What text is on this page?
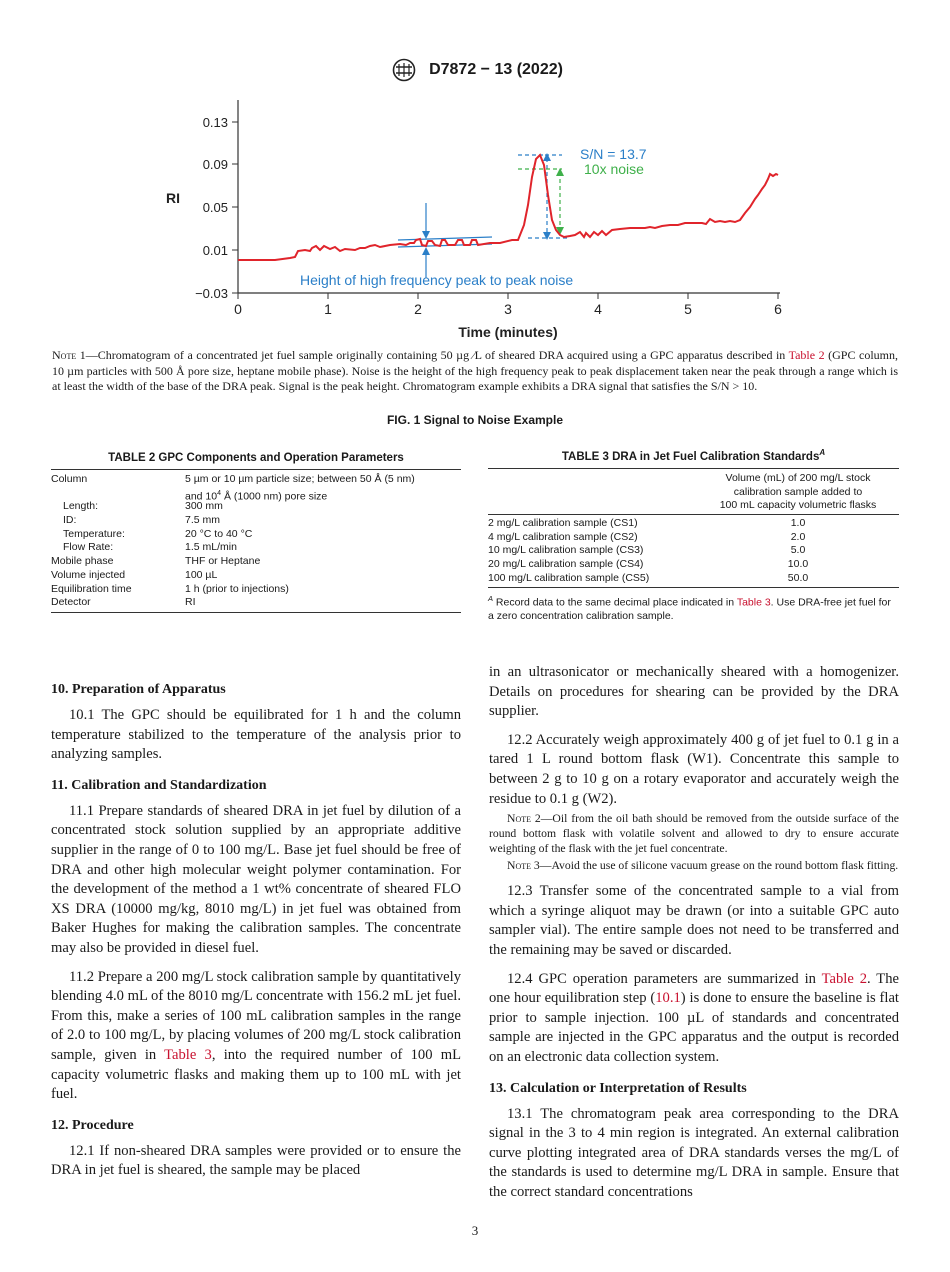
D7872 − 13 (2022)
0.13
0.09
0.05
0.01
−0.03
0	1	2	3	4	5	6
RI
Time (minutes)
S/N = 13.7
10x noise
Height of high frequency peak to peak noise
Note 1—Chromatogram of a concentrated jet fuel sample originally containing 50 µg ⁄L of sheared DRA acquired using a GPC apparatus described in Table 2 (GPC column, 10 µm particles with 500 Å pore size, heptane mobile phase). Noise is the height of the high frequency peak to peak displacement taken near the peak through a range which is at least the width of the base of the DRA peak. Signal is the peak height. Chromatogram example exhibits a DRA signal that satisfies the S/N > 10.
FIG. 1 Signal to Noise Example
TABLE 2 GPC Components and Operation Parameters
Column	5 µm or 10 µm particle size; between 50 Å (5 nm)
and $10^4$ Å (1000 nm) pore size
Length:	300 mm
ID:	7.5 mm
Temperature:	20 °C to 40 °C
Flow Rate:	1.5 mL/min
Mobile phase	THF or Heptane
Volume injected	100 µL
Equilibration time	1 h (prior to injections)
Detector	RI
TABLE 3 DRA in Jet Fuel Calibration Standards$^A$
Volume (mL) of 200 mg/L stock
calibration sample added to
100 mL capacity volumetric flasks
2 mg/L calibration sample (CS1)	1.0
4 mg/L calibration sample (CS2)	2.0
10 mg/L calibration sample (CS3)	5.0
20 mg/L calibration sample (CS4)	10.0
100 mg/L calibration sample (CS5)	50.0
$^A$ Record data to the same decimal place indicated in Table 3. Use DRA-free jet fuel for a zero concentration calibration sample.
10. Preparation of Apparatus

10.1 The GPC should be equilibrated for 1 h and the column temperature stabilized to the temperature of the analysis prior to analyzing samples.

11. Calibration and Standardization

11.1 Prepare standards of sheared DRA in jet fuel by dilution of a concentrated stock solution supplied by an appropriate additive supplier in the range of 0 to 100 mg/L. Base jet fuel should be free of DRA and other high molecular weight polymer contamination. For the development of the method a 1 wt% concentrate of sheared FLO XS DRA (10000 mg/kg, 8010 mg/L) in jet fuel was obtained from Baker Hughes for making the calibration samples. The concentrate may also be provided in diesel fuel.

11.2 Prepare a 200 mg/L stock calibration sample by quantitatively blending 4.0 mL of the 8010 mg/L concentrate with 156.2 mL jet fuel. From this, make a series of 100 mL calibration samples in the range of 2.0 to 100 mg/L, by placing volumes of 200 mg/L stock calibration sample, given in Table 3, into the required number of 100 mL capacity volumetric flasks and making them up to 100 mL with jet fuel.

12. Procedure

12.1 If non-sheared DRA samples were provided or to ensure the DRA in jet fuel is sheared, the sample may be placed

in an ultrasonicator or mechanically sheared with a homogenizer. Details on procedures for shearing can be provided by the DRA supplier.

12.2 Accurately weigh approximately 400 g of jet fuel to 0.1 g in a tared 1 L round bottom flask (W1). Concentrate this sample to between 2 g to 10 g on a rotary evaporator and accurately weigh the residue to 0.1 g (W2).

Note 2—Oil from the oil bath should be removed from the outside surface of the round bottom flask with volatile solvent and allowed to dry to ensure accurate weighting of the flask with the jet fuel concentrate.

Note 3—Avoid the use of silicone vacuum grease on the round bottom flask fitting.

12.3 Transfer some of the concentrated sample to a vial from which a syringe aliquot may be drawn (or into a suitable GPC auto sampler vial). The entire sample does not need to be transferred and the remaining may be saved or discarded.

12.4 GPC operation parameters are summarized in Table 2. The one hour equilibration step (10.1) is done to ensure the baseline is flat prior to sample injection. 100 µL of standards and concentrated sample are injected in the GPC apparatus and the output is recorded on an electronic data collection system.

13. Calculation or Interpretation of Results

13.1 The chromatogram peak area corresponding to the DRA signal in the 3 to 4 min region is integrated. An external calibration curve plotting integrated area of DRA standards verses the mg/L of the standards is used to determine mg/L DRA in sample. Ensure that the correct standard concentrations

3
